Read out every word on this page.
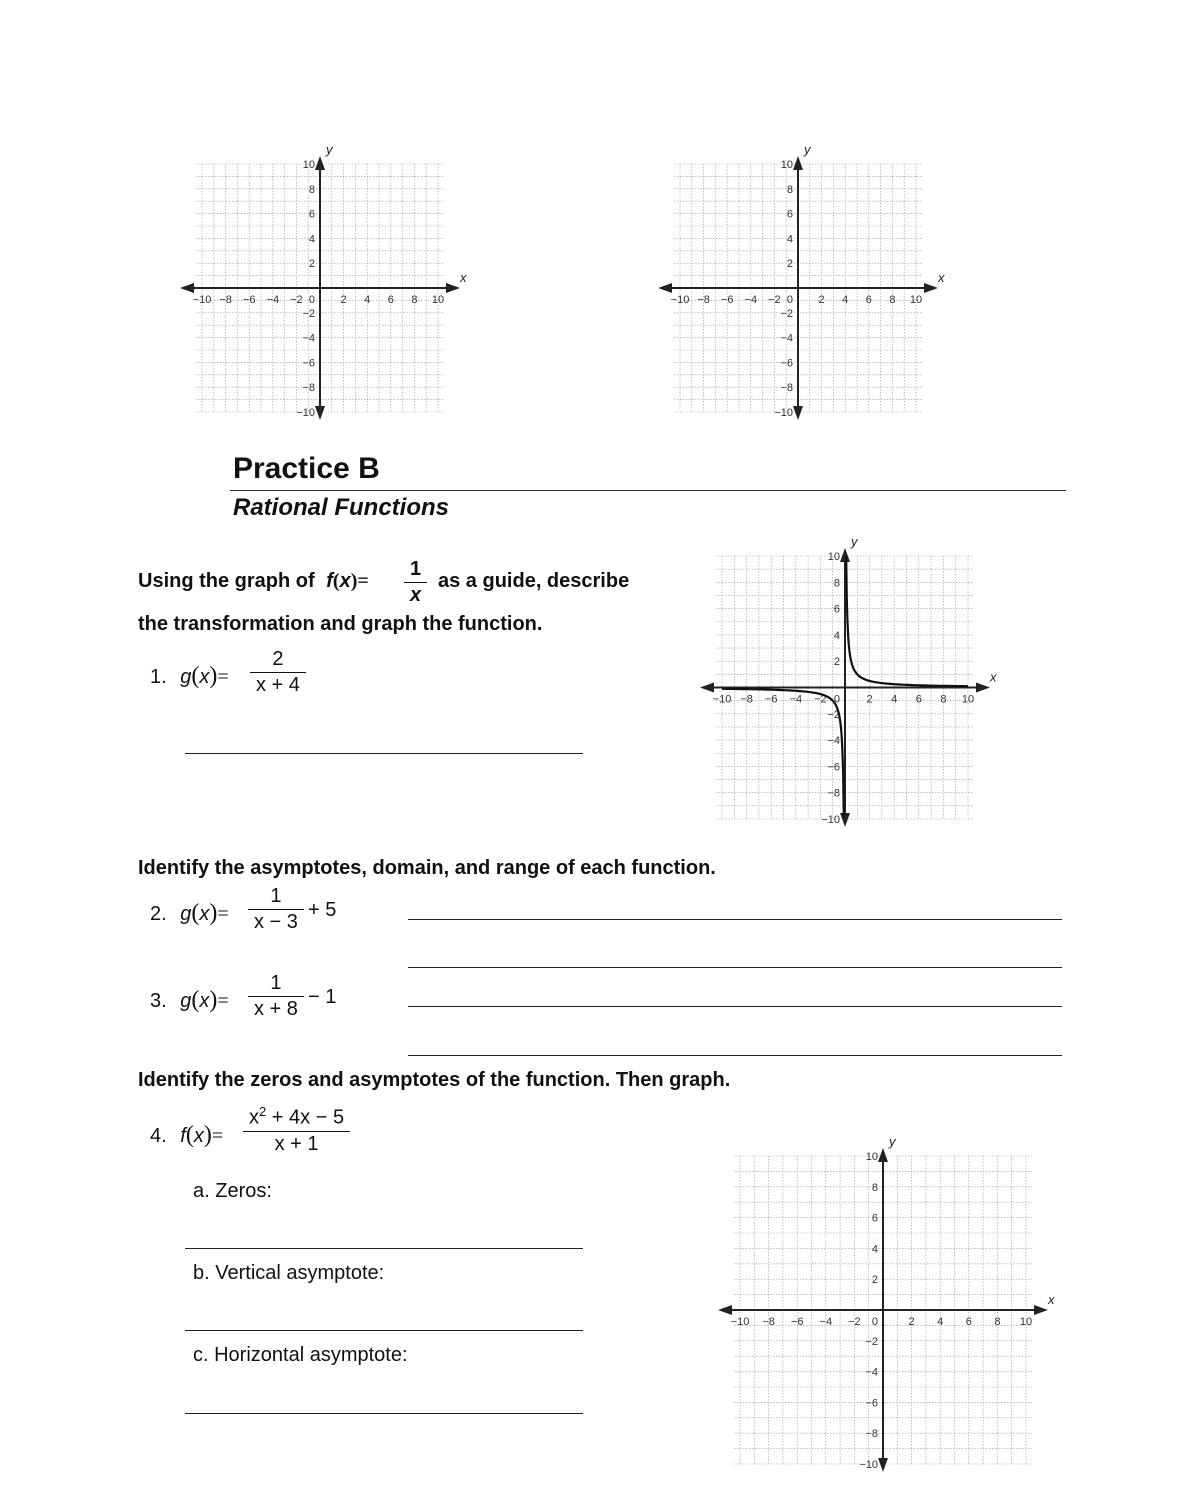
−10 −8 −6 −4 −2	2 4 6 8 10
10
8
6
4
2
−2
−4
−6
−8
−10
0
x
y
−10 −8 −6 −4 −2	2 4 6 8 10
10
8
6
4
2
−2
−4
−6
−8
−10
0
x
y
Practice B
Rational Functions
Using the graph of f(x)=
1
x
as a guide, describe
the transformation and graph the function.
1. g(x)=
2
x + 4
−10 −8 −6 −4 −2	2 4 6 8 10
10
8
6
4
2
−2
−4
−6
−8
−10
0
x
y
Identify the asymptotes, domain, and range of each function.
2. g(x)=
1
x − 3
+ 5
3. g(x)=
1
x + 8
− 1
Identify the zeros and asymptotes of the function. Then graph.
4. f(x)=
$x^2 + 4x - 5$
x + 1
a. Zeros:
b. Vertical asymptote:
c. Horizontal asymptote:
−10 −8 −6 −4 −2	2 4 6 8 10
10
8
6
4
2
−2
−4
−6
−8
−10
0
x
y
